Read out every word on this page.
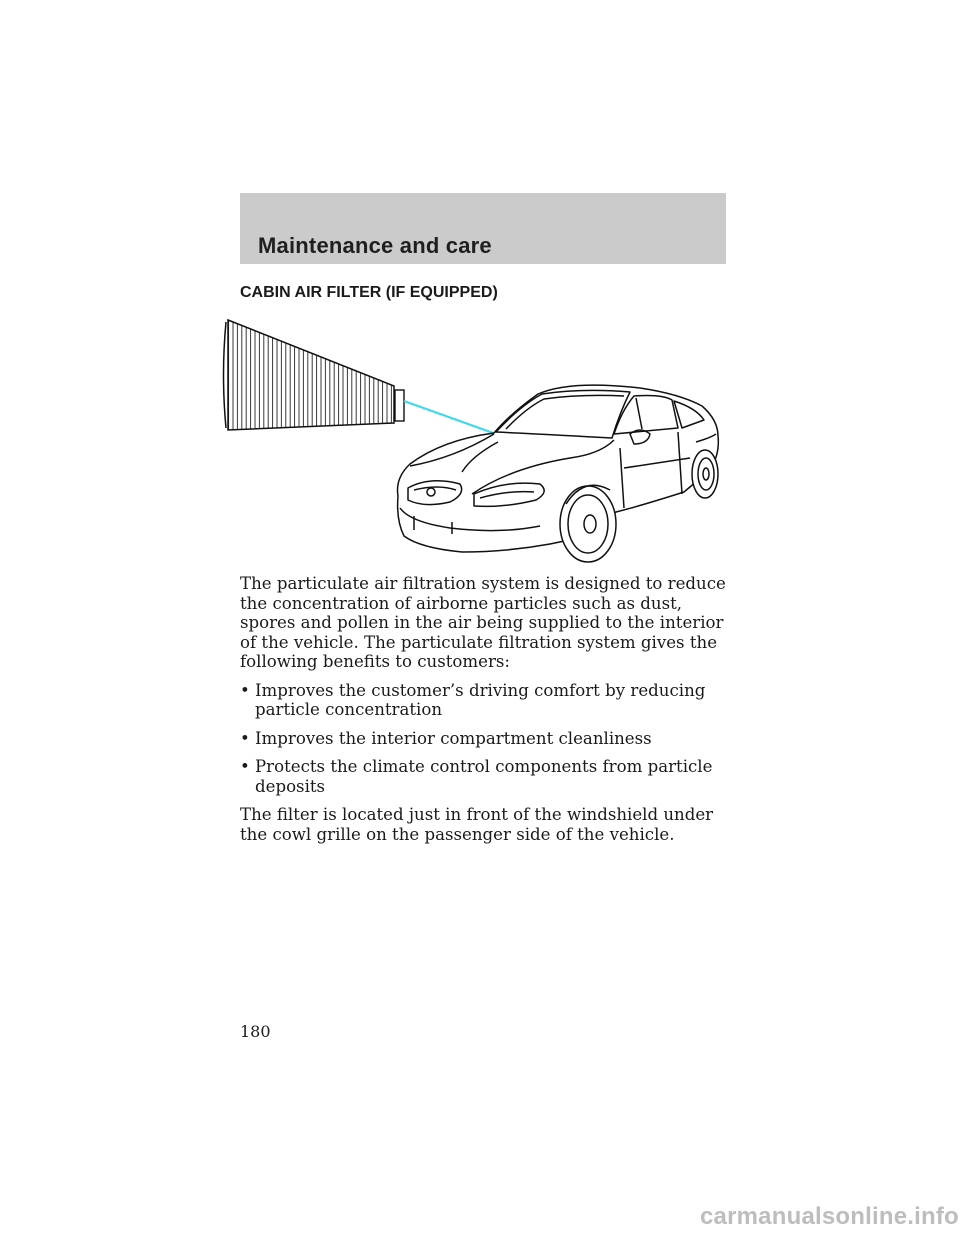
Maintenance and care
CABIN AIR FILTER (IF EQUIPPED)

The particulate air filtration system is designed to reduce the concentration of airborne particles such as dust, spores and pollen in the air being supplied to the interior of the vehicle. The particulate filtration system gives the following benefits to customers:

• Improves the customer’s driving comfort by reducing particle concentration
• Improves the interior compartment cleanliness
• Protects the climate control components from particle deposits

The filter is located just in front of the windshield under the cowl grille on the passenger side of the vehicle.

180
carmanualsonline.info
